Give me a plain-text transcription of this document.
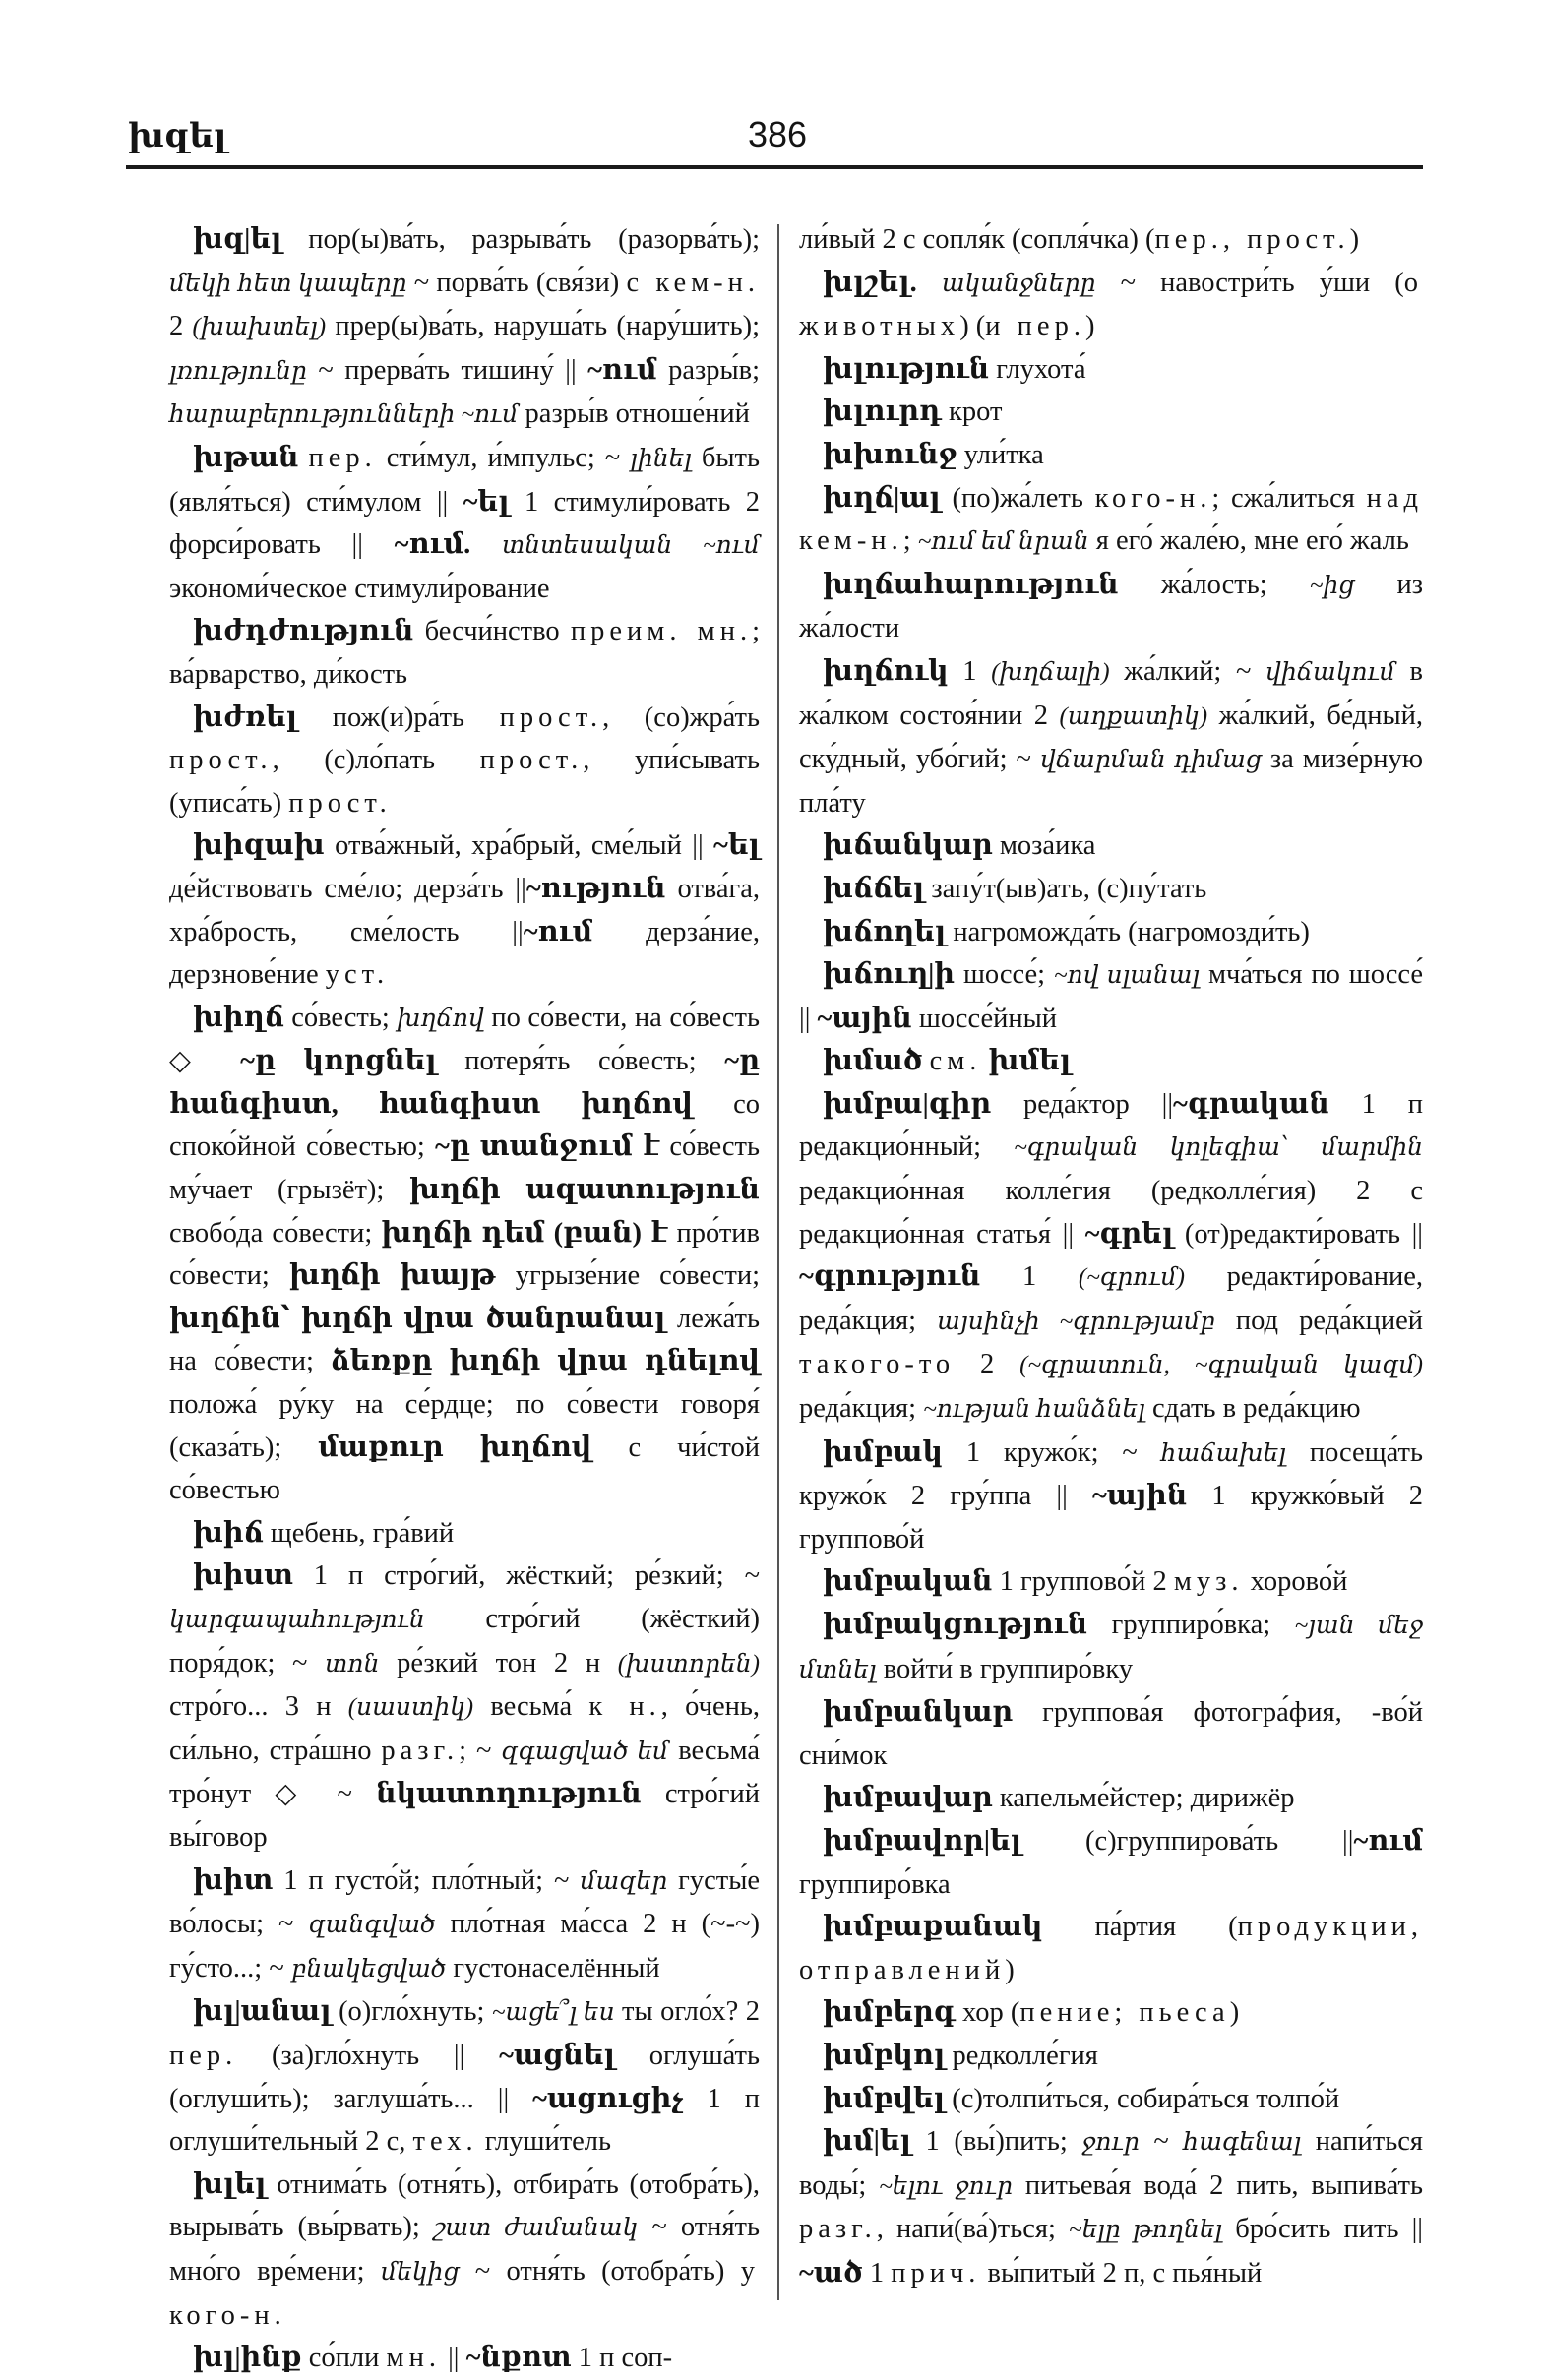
խզել	386

խզ|ել пор(ы)ва́ть, разрыва́ть (разорва́ть); մեկի հետ կապերը ~ порва́ть (свя́зи) с кем-н. 2 (խախտել) прер(ы)ва́ть, наруша́ть (нару́шить); լռությունը ~ прерва́ть тишину́ || ~ում разры́в; հարաբերությունների ~ում разры́в отноше́ний

խթան пер. сти́мул, и́мпульс; ~ լինել быть (явля́ться) сти́мулом || ~ել 1 стимули́ровать 2 форси́ровать || ~ում. տնտեսական ~ում экономи́ческое стимули́рование

խժդժություն бесчи́нство преим. мн.; ва́рварство, ди́кость

խժռել пож(и)ра́ть прост., (со)жра́ть прост., (с)ло́пать прост., упи́сывать (уписа́ть) прост.

խիզախ отва́жный, хра́брый, сме́лый || ~ել де́йствовать сме́ло; дерза́ть ||~ություն отва́га, хра́брость, сме́лость ||~ում дерза́ние, дерзнове́ние уст.

խիղճ со́весть; խղճով по со́вести, на со́весть ◇ ~ը կորցնել потеря́ть со́весть; ~ը հանգիստ, հանգիստ խղճով со споко́йной со́вестью; ~ը տանջում է со́весть му́чает (грызёт); խղճի ազատություն свобо́да со́вести; խղճի դեմ (բան) է про́тив со́вести; խղճի խայթ угрызе́ние со́вести; խղճին՝ խղճի վրա ծանրանալ лежа́ть на со́вести; ձեռքը խղճի վրա դնելով положа́ ру́ку на се́рдце; по со́вести говоря́ (сказа́ть); մաքուր խղճով с чи́стой со́вестью

խիճ щебень, гра́вий

խիստ 1 п стро́гий, жёсткий; ре́зкий; ~ կարգապահություն стро́гий (жёсткий) поря́док; ~ տոն ре́зкий тон 2 н (խստորեն) стро́го... 3 н (սաստիկ) весьма́ к н., о́чень, си́льно, стра́шно разг.; ~ զգացված եմ весьма́ тро́нут ◇ ~ նկատողություն стро́гий вы́говор

խիտ 1 п густо́й; пло́тный; ~ մազեր густы́е во́лосы; ~ զանգված пло́тная ма́сса 2 н (~-~) гу́сто...; ~ բնակեցված густонаселённый

խլ|անալ (о)гло́хнуть; ~ացե՞լ ես ты огло́х? 2 пер. (за)гло́хнуть || ~ացնել оглуша́ть (оглуши́ть); заглуша́ть... || ~ացուցիչ 1 п оглуши́тельный 2 с, тех. глуши́тель

խլել отнима́ть (отня́ть), отбира́ть (отобра́ть), вырыва́ть (вы́рвать); շատ ժամանակ ~ отня́ть мно́го вре́мени; մեկից ~ отня́ть (отобра́ть) у кого-н.

խլ|ինք со́пли мн. || ~նքոտ 1 п соп-

ли́вый 2 с сопля́к (сопля́чка) (пер., прост.)

խլշել. ականջները ~ навостри́ть у́ши (о животных) (и пер.)

խլություն глухота́

խլուրդ крот

խխունջ ули́тка

խղճ|ալ (по)жа́леть кого-н.; сжа́литься над кем-н.; ~ում եմ նրան я его́ жале́ю, мне его́ жаль

խղճահարություն жа́лость; ~ից из жа́лости

խղճուկ 1 (խղճալի) жа́лкий; ~ վիճակում в жа́лком состоя́нии 2 (աղքատիկ) жа́лкий, бе́дный, ску́дный, убо́гий; ~ վճարման դիմաց за мизе́рную пла́ту

խճանկար моза́ика

խճճել запу́т(ыв)ать, (с)пу́тать

խճողել нагроможда́ть (нагромозди́ть)

խճուղ|ի шоссе́; ~ով սլանալ мча́ться по шоссе́ || ~ային шоссе́йный

խմած см. խմել

խմբա|գիր реда́ктор ||~գրական 1 п редакцио́нный; ~գրական կոլեգիա՝ մարմին редакцио́нная колле́гия (редколле́гия) 2 с редакцио́нная статья́ || ~գրել (от)редакти́ровать || ~գրություն 1 (~գրում) редакти́рование, реда́кция; այսինչի ~գրությամբ под реда́кцией такого-то 2 (~գրատուն, ~գրական կազմ) реда́кция; ~ության հանձնել сдать в реда́кцию

խմբակ 1 кружо́к; ~ հաճախել посеща́ть кружо́к 2 гру́ппа || ~ային 1 кружко́вый 2 группово́й

խմբական 1 группово́й 2 муз. хорово́й

խմբակցություն группиро́вка; ~յան մեջ մտնել войти́ в группиро́вку

խմբանկար группова́я фотогра́фия, -во́й сни́мок

խմբավար капельме́йстер; дирижёр

խմբավոր|ել (с)группирова́ть ||~ում группиро́вка

խմբաքանակ па́ртия (продукции, отправлений)

խմբերգ хор (пение; пьеса)

խմբկոլ редколле́гия

խմբվել (с)толпи́ться, собира́ться толпо́й

խմ|ել 1 (вы́)пить; ջուր ~ հագենալ напи́ться воды́; ~ելու ջուր питьева́я вода́ 2 пить, выпива́ть разг., напи́(ва́)ться; ~ելը թողնել бро́сить пить || ~ած 1 прич. вы́питый 2 п, с пья́ный
